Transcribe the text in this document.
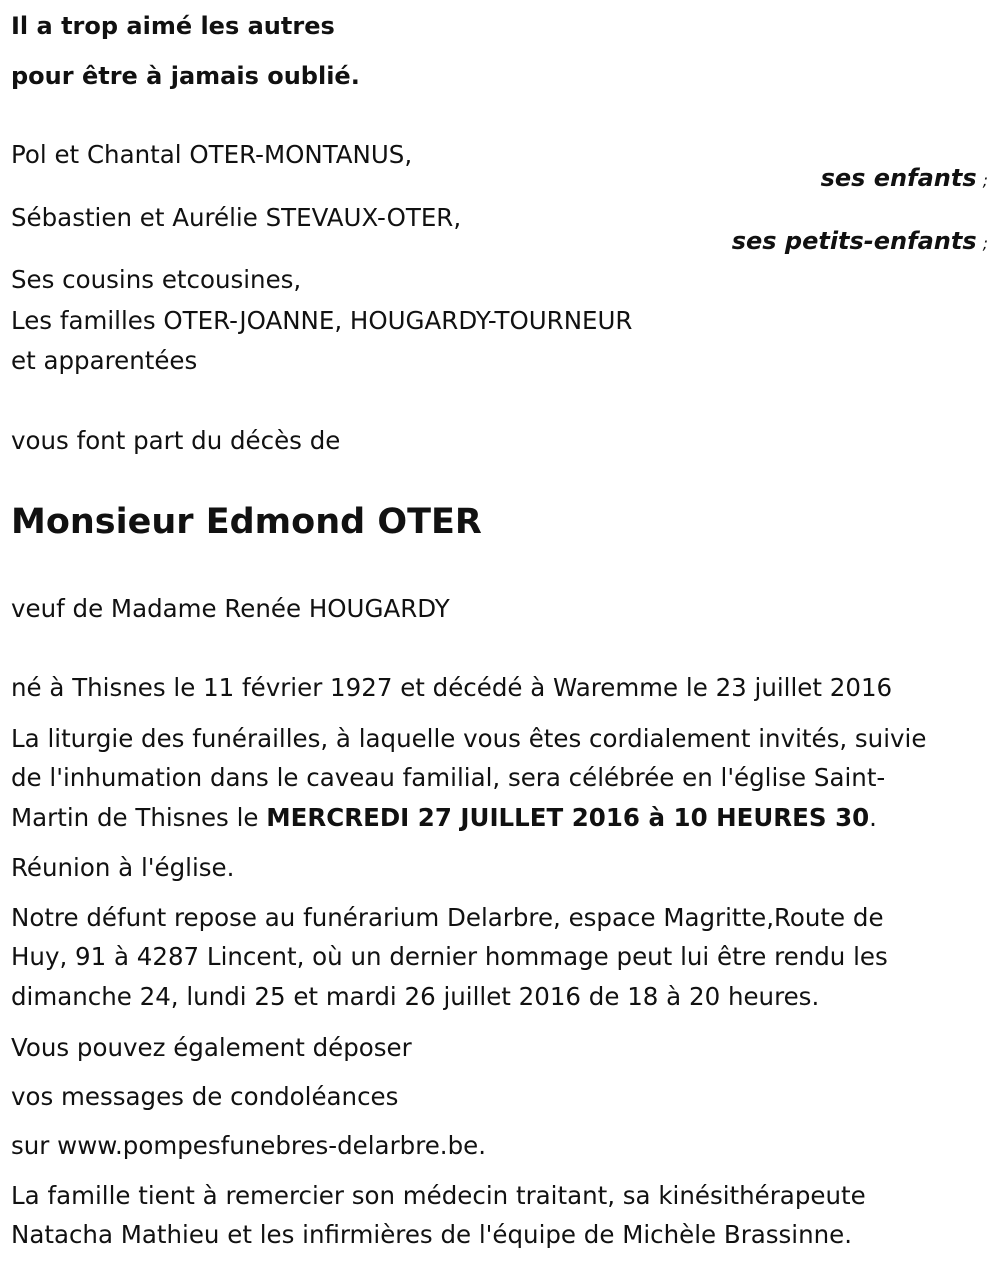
Il a trop aimé les autres
pour être à jamais oublié.
Pol et Chantal OTER-MONTANUS,
ses enfants ;
Sébastien et Aurélie STEVAUX-OTER,
ses petits-enfants ;
Ses cousins etcousines,
Les familles OTER-JOANNE, HOUGARDY-TOURNEUR
et apparentées
vous font part du décès de
Monsieur Edmond OTER
veuf de Madame Renée HOUGARDY
né à Thisnes le 11 février 1927 et décédé à Waremme le 23 juillet 2016
La liturgie des funérailles, à laquelle vous êtes cordialement invités, suivie
de l'inhumation dans le caveau familial, sera célébrée en l'église Saint-
Martin de Thisnes le MERCREDI 27 JUILLET 2016 à 10 HEURES 30.
Réunion à l'église.
Notre défunt repose au funérarium Delarbre, espace Magritte,Route de
Huy, 91 à 4287 Lincent, où un dernier hommage peut lui être rendu les
dimanche 24, lundi 25 et mardi 26 juillet 2016 de 18 à 20 heures.
Vous pouvez également déposer
vos messages de condoléances
sur www.pompesfunebres-delarbre.be.
La famille tient à remercier son médecin traitant, sa kinésithérapeute
Natacha Mathieu et les infirmières de l'équipe de Michèle Brassinne.
